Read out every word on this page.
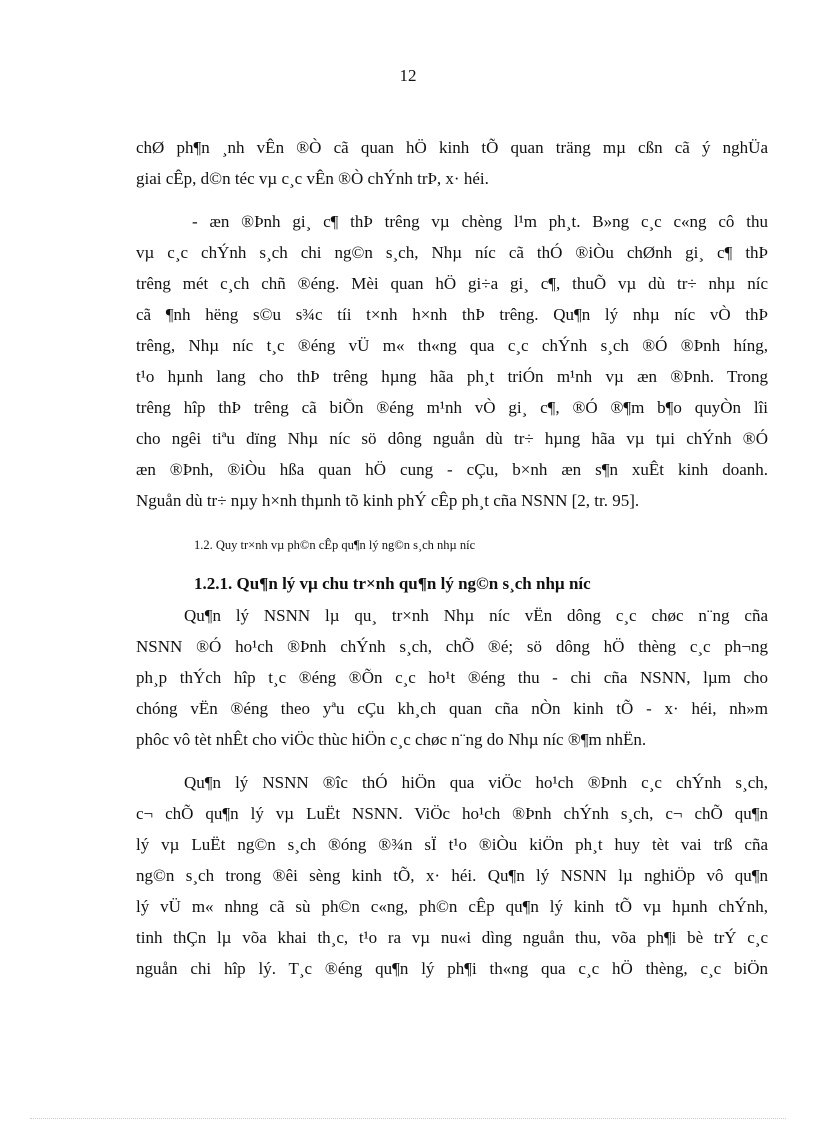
12
chØ ph¶n ¸nh vÊn ®Ò cã quan hÖ kinh tÕ quan träng mµ cßn cã ý nghÜa
giai cÊp, d©n téc vµ c¸c vÊn ®Ò chÝnh trÞ, x· héi.
- æn ®Þnh gi¸ c¶ thÞ trêng vµ chèng l¹m ph¸t. B»ng c¸c c«ng cô thu
vµ c¸c chÝnh s¸ch chi ng©n s¸ch, Nhµ níc cã thÓ ®iÒu chØnh gi¸ c¶ thÞ
trêng mét c¸ch chñ ®éng. Mèi quan hÖ gi÷a gi¸ c¶, thuÕ vµ dù tr÷ nhµ níc
cã ¶nh hëng s©u s¾c tíi t×nh h×nh thÞ trêng. Qu¶n lý nhµ níc vÒ thÞ
trêng, Nhµ níc t¸c ®éng vÜ m« th«ng qua c¸c chÝnh s¸ch ®Ó ®Þnh híng,
t¹o hµnh lang cho thÞ trêng hµng hãa ph¸t triÓn m¹nh vµ æn ®Þnh. Trong
trêng hîp thÞ trêng cã biÕn ®éng m¹nh vÒ gi¸ c¶, ®Ó ®¶m b¶o quyÒn lîi
cho ngêi tiªu dïng Nhµ níc sö dông nguån dù tr÷ hµng hãa vµ tµi chÝnh ®Ó
æn ®Þnh, ®iÒu hßa quan hÖ cung - cÇu, b×nh æn s¶n xuÊt kinh doanh.
Nguån dù tr÷ nµy h×nh thµnh tõ kinh phÝ cÊp ph¸t cña NSNN [2, tr. 95].
1.2. Quy tr×nh vµ ph©n cÊp qu¶n lý ng©n s¸ch nhµ níc
1.2.1. Qu¶n lý vµ chu tr×nh qu¶n lý ng©n s¸ch nhµ níc
Qu¶n lý NSNN lµ qu¸ tr×nh Nhµ níc vËn dông c¸c chøc n¨ng cña
NSNN ®Ó ho¹ch ®Þnh chÝnh s¸ch, chÕ ®é; sö dông hÖ thèng c¸c ph¬ng
ph¸p thÝch hîp t¸c ®éng ®Õn c¸c ho¹t ®éng thu - chi cña NSNN, lµm cho
chóng vËn ®éng theo yªu cÇu kh¸ch quan cña nÒn kinh tÕ - x· héi, nh»m
phôc vô tèt nhÊt cho viÖc thùc hiÖn c¸c chøc n¨ng do Nhµ níc ®¶m nhËn.
Qu¶n lý NSNN ®îc thÓ hiÖn qua viÖc ho¹ch ®Þnh c¸c chÝnh s¸ch,
c¬ chÕ qu¶n lý vµ LuËt NSNN. ViÖc ho¹ch ®Þnh chÝnh s¸ch, c¬ chÕ qu¶n
lý vµ LuËt ng©n s¸ch ®óng ®¾n sÏ t¹o ®iÒu kiÖn ph¸t huy tèt vai trß cña
ng©n s¸ch trong ®êi sèng kinh tÕ, x· héi. Qu¶n lý NSNN lµ nghiÖp vô qu¶n
lý vÜ m« nhng cã sù ph©n c«ng, ph©n cÊp qu¶n lý kinh tÕ vµ hµnh chÝnh,
tinh thÇn lµ võa khai th¸c, t¹o ra vµ nu«i dìng nguån thu, võa ph¶i bè trÝ c¸c
nguån chi hîp lý. T¸c ®éng qu¶n lý ph¶i th«ng qua c¸c hÖ thèng, c¸c biÖn
